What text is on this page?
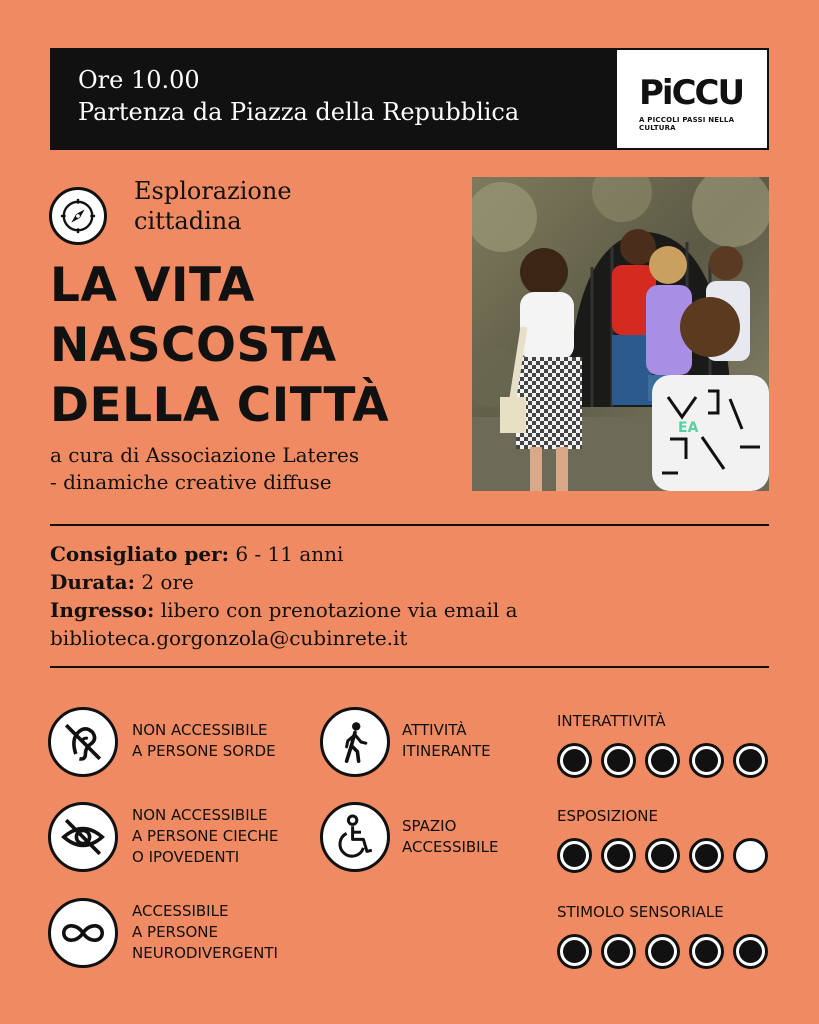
Ore 10.00
Partenza da Piazza della Repubblica	PiCCU
A PICCOLI PASSI NELLA CULTURA
Esplorazione
cittadina
LA VITA
NASCOSTA
DELLA CITTÀ
a cura di Associazione Lateres
- dinamiche creative diffuse
EA
Consigliato per: 6 - 11 anni
Durata: 2 ore
Ingresso: libero con prenotazione via email a
biblioteca.gorgonzola@cubinrete.it
NON ACCESSIBILE
A PERSONE SORDE
NON ACCESSIBILE
A PERSONE CIECHE
O IPOVEDENTI
ACCESSIBILE
A PERSONE
NEURODIVERGENTI
ATTIVITÀ
ITINERANTE
SPAZIO
ACCESSIBILE
INTERATTIVITÀ
ESPOSIZIONE
STIMOLO SENSORIALE
